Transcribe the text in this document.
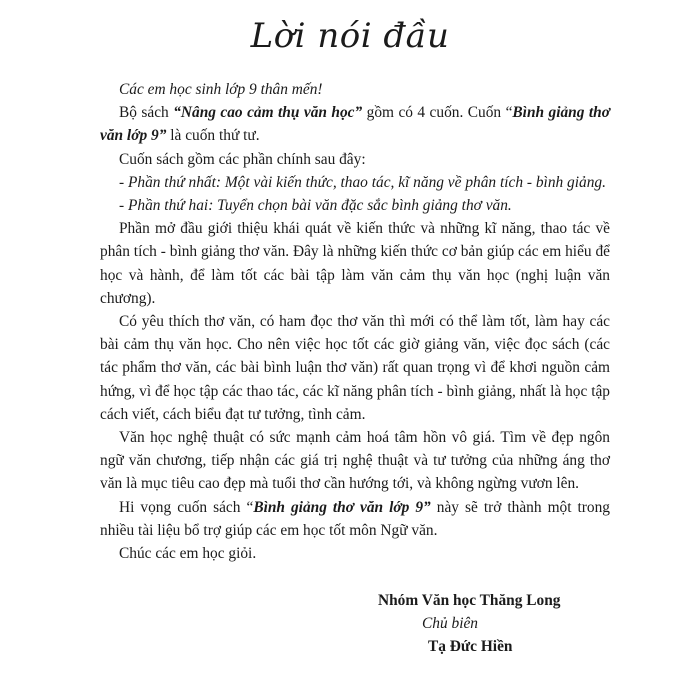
Lời nói đầu

Các em học sinh lớp 9 thân mến!

Bộ sách “Nâng cao cảm thụ văn học” gồm có 4 cuốn. Cuốn “Bình giảng thơ văn lớp 9” là cuốn thứ tư.

Cuốn sách gồm các phần chính sau đây:

- Phần thứ nhất: Một vài kiến thức, thao tác, kĩ năng về phân tích - bình giảng.

- Phần thứ hai: Tuyển chọn bài văn đặc sắc bình giảng thơ văn.

Phần mở đầu giới thiệu khái quát về kiến thức và những kĩ năng, thao tác về phân tích - bình giảng thơ văn. Đây là những kiến thức cơ bản giúp các em hiểu để học và hành, để làm tốt các bài tập làm văn cảm thụ văn học (nghị luận văn chương).

Có yêu thích thơ văn, có ham đọc thơ văn thì mới có thể làm tốt, làm hay các bài cảm thụ văn học. Cho nên việc học tốt các giờ giảng văn, việc đọc sách (các tác phẩm thơ văn, các bài bình luận thơ văn) rất quan trọng vì để khơi nguồn cảm hứng, vì để học tập các thao tác, các kĩ năng phân tích - bình giảng, nhất là học tập cách viết, cách biểu đạt tư tưởng, tình cảm.

Văn học nghệ thuật có sức mạnh cảm hoá tâm hồn vô giá. Tìm về đẹp ngôn ngữ văn chương, tiếp nhận các giá trị nghệ thuật và tư tưởng của những áng thơ văn là mục tiêu cao đẹp mà tuổi thơ cần hướng tới, và không ngừng vươn lên.

Hi vọng cuốn sách “Bình giảng thơ văn lớp 9” này sẽ trở thành một trong nhiều tài liệu bổ trợ giúp các em học tốt môn Ngữ văn.

Chúc các em học giỏi.

Nhóm Văn học Thăng Long
Chủ biên
Tạ Đức Hiền
